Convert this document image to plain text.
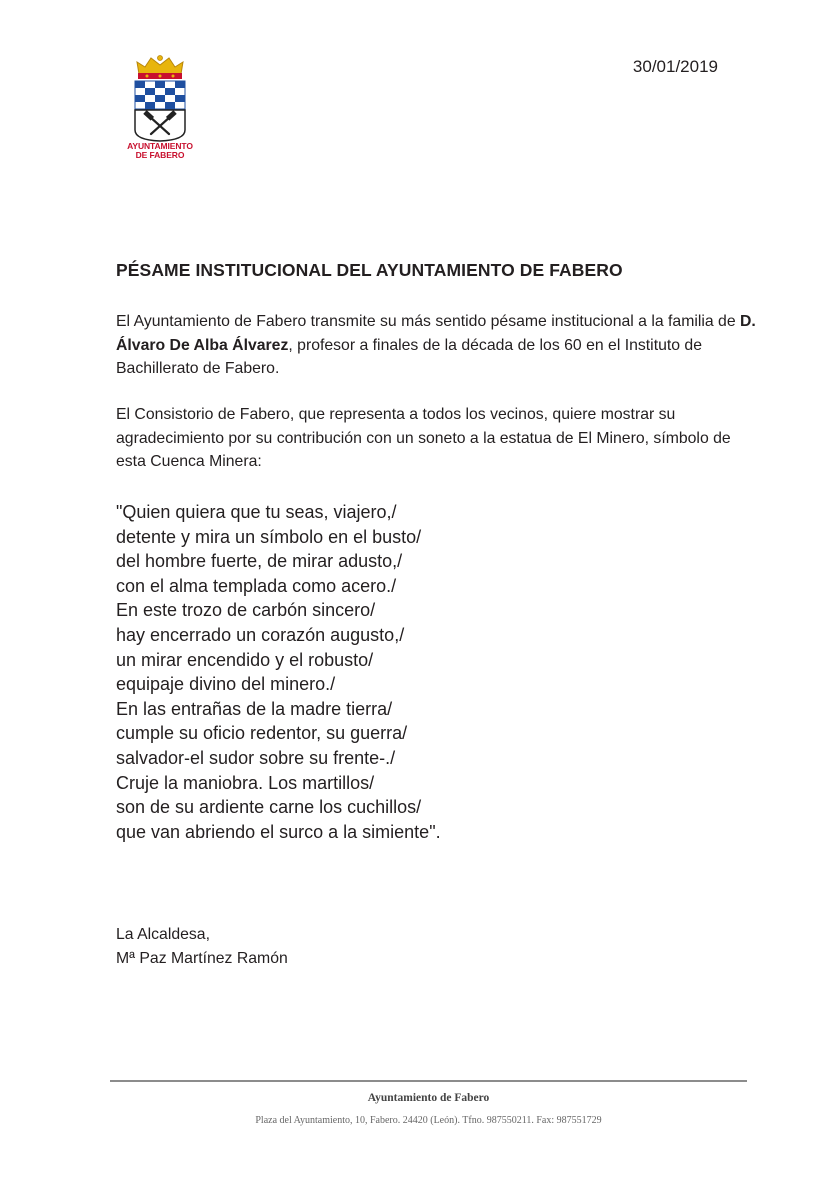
AYUNTAMIENTO
DE FABERO
30/01/2019
PÉSAME INSTITUCIONAL DEL AYUNTAMIENTO DE FABERO

El Ayuntamiento de Fabero transmite su más sentido pésame institucional a la familia de D. Álvaro De Alba Álvarez, profesor a finales de la década de los 60 en el Instituto de Bachillerato de Fabero.

El Consistorio de Fabero, que representa a todos los vecinos, quiere mostrar su agradecimiento por su contribución con un soneto a la estatua de El Minero, símbolo de esta Cuenca Minera:

"Quien quiera que tu seas, viajero,/
detente y mira un símbolo en el busto/
del hombre fuerte, de mirar adusto,/
con el alma templada como acero./
En este trozo de carbón sincero/
hay encerrado un corazón augusto,/
un mirar encendido y el robusto/
equipaje divino del minero./
En las entrañas de la madre tierra/
cumple su oficio redentor, su guerra/
salvador-el sudor sobre su frente-./
Cruje la maniobra. Los martillos/
son de su ardiente carne los cuchillos/
que van abriendo el surco a la simiente".
La Alcaldesa,
Mª Paz Martínez Ramón
Ayuntamiento de Fabero
Plaza del Ayuntamiento, 10, Fabero. 24420 (León). Tfno. 987550211. Fax: 987551729
